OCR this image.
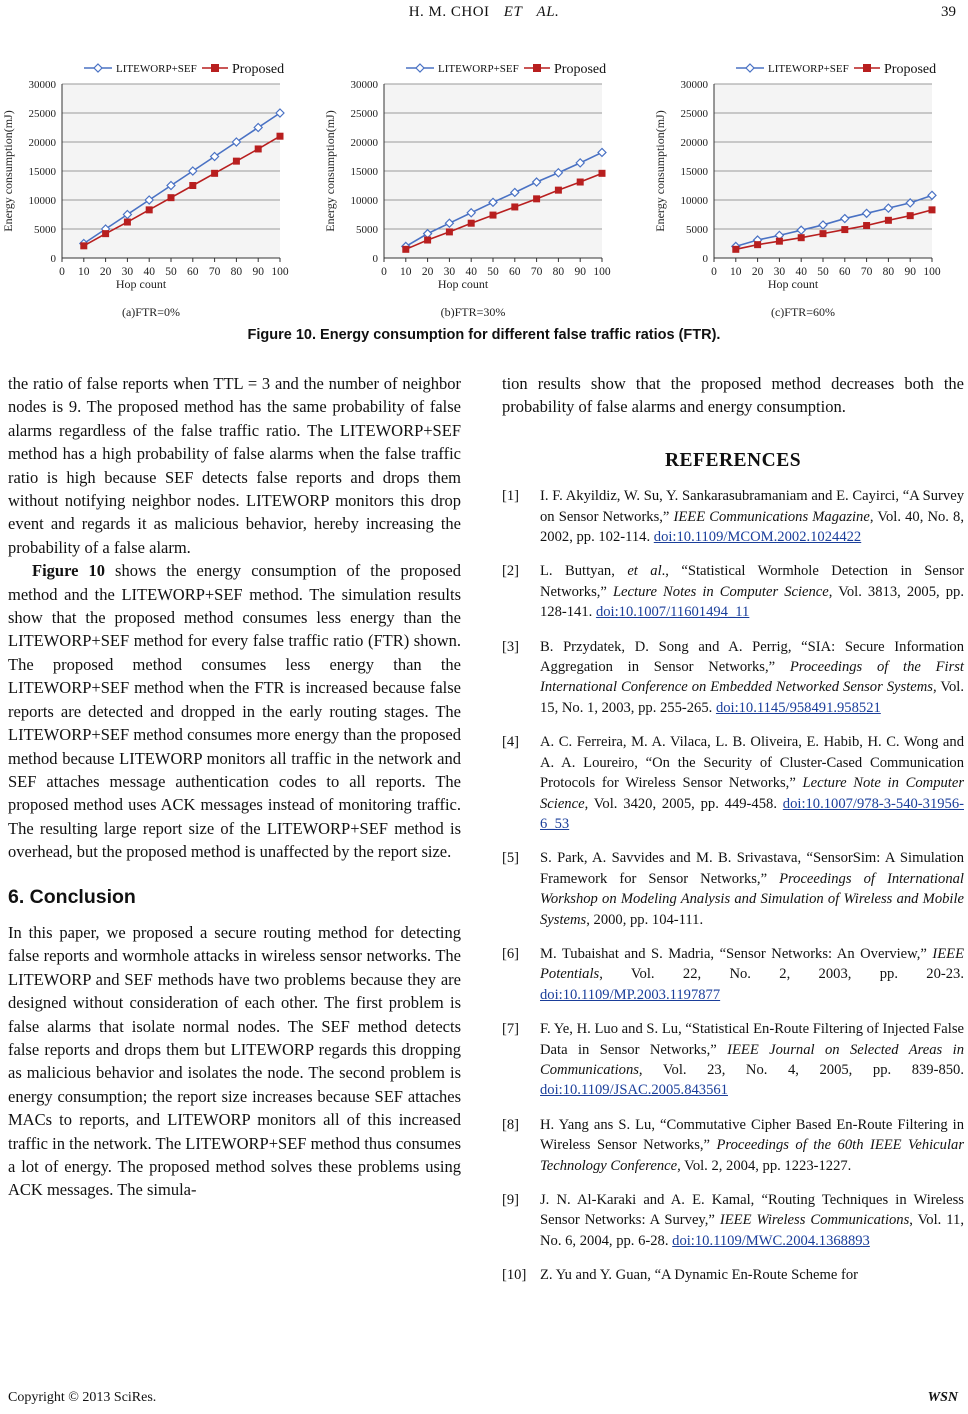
H. M. CHOI ET AL.	39
0
5000
10000
15000
20000
25000
30000
0 10 20 30 40 50 60 70 80 90 100
Hop count
Energy consumption(mJ)
(a)FTR=0%
LITEWORP+SEF	Proposed
0
5000
10000
15000
20000
25000
30000
0 10 20 30 40 50 60 70 80 90 100
Hop count
Energy consumption(mJ)
(b)FTR=30%
LITEWORP+SEF	Proposed
0
5000
10000
15000
20000
25000
30000
0 10 20 30 40 50 60 70 80 90 100
Hop count
Energy consumption(mJ)
(c)FTR=60%
LITEWORP+SEF	Proposed
Figure 10. Energy consumption for different false traffic ratios (FTR).

the ratio of false reports when TTL = 3 and the number of neighbor nodes is 9. The proposed method has the same probability of false alarms regardless of the false traffic ratio. The LITEWORP+SEF method has a high probability of false alarms when the false traffic ratio is high because SEF detects false reports and drops them without notifying neighbor nodes. LITEWORP monitors this drop event and regards it as malicious behavior, hereby increasing the probability of a false alarm.

Figure 10 shows the energy consumption of the proposed method and the LITEWORP+SEF method. The simulation results show that the proposed method consumes less energy than the LITEWORP+SEF method for every false traffic ratio (FTR) shown. The proposed method consumes less energy than the LITEWORP+SEF method when the FTR is increased because false reports are detected and dropped in the early routing stages. The LITEWORP+SEF method consumes more energy than the proposed method because LITEWORP monitors all traffic in the network and SEF attaches message authentication codes to all reports. The proposed method uses ACK messages instead of monitoring traffic. The resulting large report size of the LITEWORP+SEF method is overhead, but the proposed method is unaffected by the report size.

6. Conclusion

In this paper, we proposed a secure routing method for detecting false reports and wormhole attacks in wireless sensor networks. The LITEWORP and SEF methods have two problems because they are designed without consideration of each other. The first problem is false alarms that isolate normal nodes. The SEF method detects false reports and drops them but LITEWORP regards this dropping as malicious behavior and isolates the node. The second problem is energy consumption; the report size increases because SEF attaches MACs to reports, and LITEWORP monitors all of this increased traffic in the network. The LITEWORP+SEF method thus consumes a lot of energy. The proposed method solves these problems using ACK messages. The simula-

tion results show that the proposed method decreases both the probability of false alarms and energy consumption.

REFERENCES
[1]	I. F. Akyildiz, W. Su, Y. Sankarasubramaniam and E. Cayirci, “A Survey on Sensor Networks,” IEEE Communications Magazine, Vol. 40, No. 8, 2002, pp. 102-114. doi:10.1109/MCOM.2002.1024422
[2]	L. Buttyan, et al., “Statistical Wormhole Detection in Sensor Networks,” Lecture Notes in Computer Science, Vol. 3813, 2005, pp. 128-141. doi:10.1007/11601494_11
[3]	B. Przydatek, D. Song and A. Perrig, “SIA: Secure Information Aggregation in Sensor Networks,” Proceedings of the First International Conference on Embedded Networked Sensor Systems, Vol. 15, No. 1, 2003, pp. 255-265. doi:10.1145/958491.958521
[4]	A. C. Ferreira, M. A. Vilaca, L. B. Oliveira, E. Habib, H. C. Wong and A. A. Loureiro, “On the Security of Cluster-Cased Communication Protocols for Wireless Sensor Networks,” Lecture Note in Computer Science, Vol. 3420, 2005, pp. 449-458. doi:10.1007/978-3-540-31956-6_53
[5]	S. Park, A. Savvides and M. B. Srivastava, “SensorSim: A Simulation Framework for Sensor Networks,” Proceedings of International Workshop on Modeling Analysis and Simulation of Wireless and Mobile Systems, 2000, pp. 104-111.
[6]	M. Tubaishat and S. Madria, “Sensor Networks: An Overview,” IEEE Potentials, Vol. 22, No. 2, 2003, pp. 20-23. doi:10.1109/MP.2003.1197877
[7]	F. Ye, H. Luo and S. Lu, “Statistical En-Route Filtering of Injected False Data in Sensor Networks,” IEEE Journal on Selected Areas in Communications, Vol. 23, No. 4, 2005, pp. 839-850. doi:10.1109/JSAC.2005.843561
[8]	H. Yang ans S. Lu, “Commutative Cipher Based En-Route Filtering in Wireless Sensor Networks,” Proceedings of the 60th IEEE Vehicular Technology Conference, Vol. 2, 2004, pp. 1223-1227.
[9]	J. N. Al-Karaki and A. E. Kamal, “Routing Techniques in Wireless Sensor Networks: A Survey,” IEEE Wireless Communications, Vol. 11, No. 6, 2004, pp. 6-28. doi:10.1109/MWC.2004.1368893
[10] Z. Yu and Y. Guan, “A Dynamic En-Route Scheme for
Copyright © 2013 SciRes.	WSN
